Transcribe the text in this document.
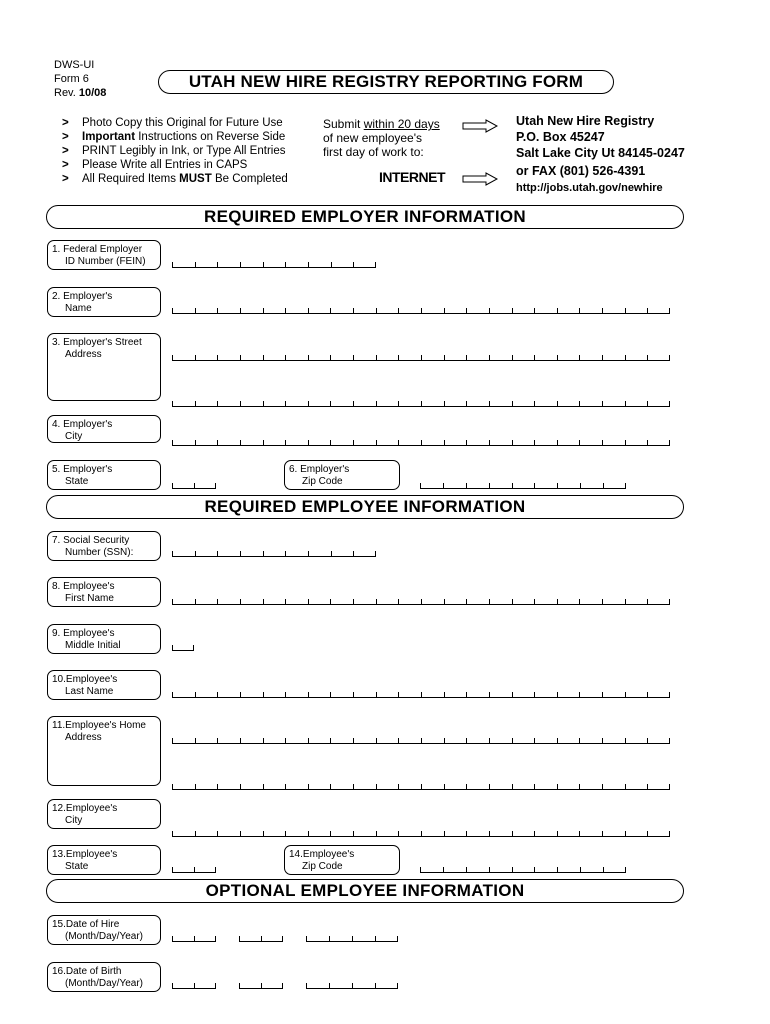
DWS-UI
Form 6
Rev. 10/08
UTAH NEW HIRE REGISTRY REPORTING FORM
> Photo Copy this Original for Future Use
> Important Instructions on Reverse Side
> PRINT Legibly in Ink, or Type All Entries
> Please Write all Entries in CAPS
> All Required Items MUST Be Completed
Submit within 20 days
of new employee's
first day of work to:
INTERNET
Utah New Hire Registry
P.O. Box 45247
Salt Lake City Ut 84145-0247
or FAX (801) 526-4391
http://jobs.utah.gov/newhire
REQUIRED EMPLOYER INFORMATION
1. Federal Employer
ID Number (FEIN)
2. Employer's
Name
3. Employer's Street
Address
4. Employer's
City
5. Employer's
State
6. Employer's
Zip Code
REQUIRED EMPLOYEE INFORMATION
7. Social Security
Number (SSN):
8. Employee's
First Name
9. Employee's
Middle Initial
10.Employee's
Last Name
11.Employee's Home
Address
12.Employee's
City
13.Employee's
State
14.Employee's
Zip Code
OPTIONAL EMPLOYEE INFORMATION
15.Date of Hire
(Month/Day/Year)
16.Date of Birth
(Month/Day/Year)
